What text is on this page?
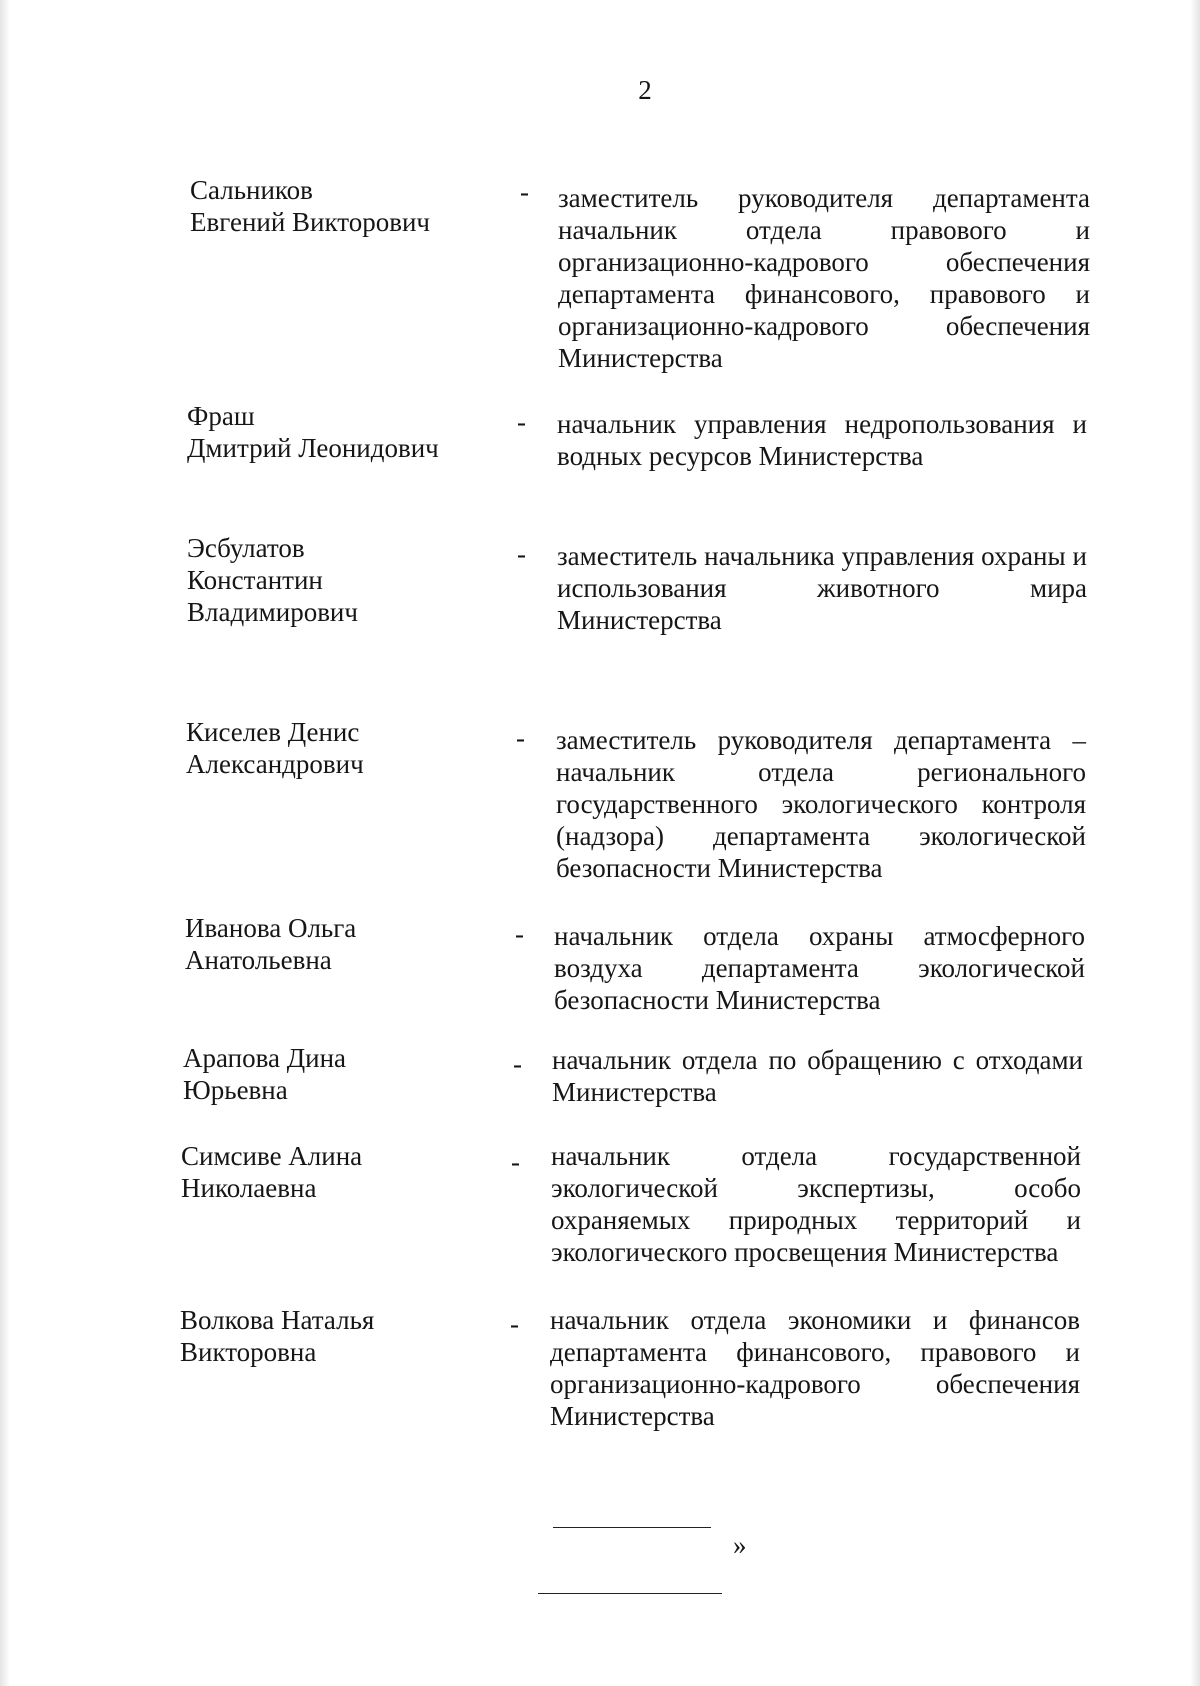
2
Сальников
Евгений Викторович
- заместитель руководителя департамента начальник отдела правового и организационно-кадрового обеспечения департамента финансового, правового и организационно-кадрового обеспечения Министерства
Фраш
Дмитрий Леонидович
- начальник управления недропользования и водных ресурсов Министерства
Эсбулатов
Константин
Владимирович
- заместитель начальника управления охраны и использования животного мира Министерства
Киселев Денис
Александрович
- заместитель руководителя департамента – начальник отдела регионального государственного экологического контроля (надзора) департамента экологической безопасности Министерства
Иванова Ольга
Анатольевна
- начальник отдела охраны атмосферного воздуха департамента экологической безопасности Министерства
Арапова Дина
Юрьевна
- начальник отдела по обращению с отходами Министерства
Симсиве Алина
Николаевна
- начальник отдела государственной экологической экспертизы, особо охраняемых природных территорий и экологического просвещения Министерства
Волкова Наталья
Викторовна
- начальник отдела экономики и финансов департамента финансового, правового и организационно-кадрового обеспечения Министерства
»
